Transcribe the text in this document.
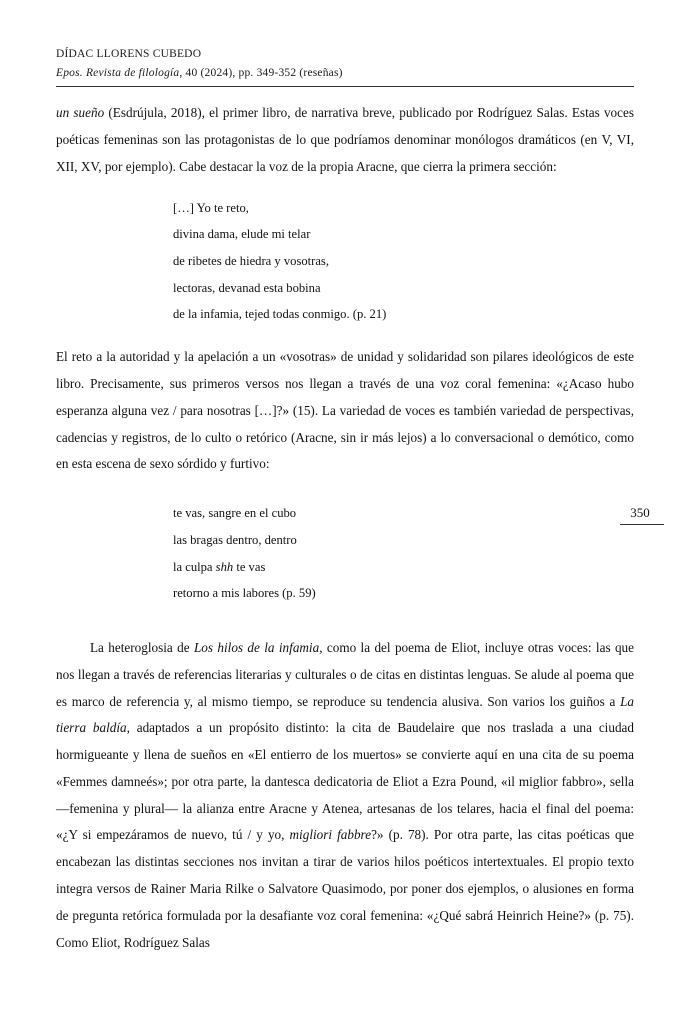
DÍDAC LLORENS CUBEDO
Epos. Revista de filología, 40 (2024), pp. 349-352 (reseñas)

un sueño (Esdrújula, 2018), el primer libro, de narrativa breve, publicado por Rodríguez Salas. Estas voces poéticas femeninas son las protagonistas de lo que podríamos denominar monólogos dramáticos (en V, VI, XII, XV, por ejemplo). Cabe destacar la voz de la propia Aracne, que cierra la primera sección:

[…] Yo te reto,
divina dama, elude mi telar
de ribetes de hiedra y vosotras,
lectoras, devanad esta bobina
de la infamia, tejed todas conmigo. (p. 21)

El reto a la autoridad y la apelación a un «vosotras» de unidad y solidaridad son pilares ideológicos de este libro. Precisamente, sus primeros versos nos llegan a través de una voz coral femenina: «¿Acaso hubo esperanza alguna vez / para nosotras […]?» (15). La variedad de voces es también variedad de perspectivas, cadencias y registros, de lo culto o retórico (Aracne, sin ir más lejos) a lo conversacional o demótico, como en esta escena de sexo sórdido y furtivo:

te vas, sangre en el cubo
las bragas dentro, dentro
la culpa shh te vas
retorno a mis labores (p. 59)

La heteroglosia de Los hilos de la infamia, como la del poema de Eliot, incluye otras voces: las que nos llegan a través de referencias literarias y culturales o de citas en distintas lenguas. Se alude al poema que es marco de referencia y, al mismo tiempo, se reproduce su tendencia alusiva. Son varios los guiños a La tierra baldía, adaptados a un propósito distinto: la cita de Baudelaire que nos traslada a una ciudad hormigueante y llena de sueños en «El entierro de los muertos» se convierte aquí en una cita de su poema «Femmes damneés»; por otra parte, la dantesca dedicatoria de Eliot a Ezra Pound, «il miglior fabbro», sella —femenina y plural— la alianza entre Aracne y Atenea, artesanas de los telares, hacia el final del poema: «¿Y si empezáramos de nuevo, tú / y yo, migliori fabbre?» (p. 78). Por otra parte, las citas poéticas que encabezan las distintas secciones nos invitan a tirar de varios hilos poéticos intertextuales. El propio texto integra versos de Rainer Maria Rilke o Salvatore Quasimodo, por poner dos ejemplos, o alusiones en forma de pregunta retórica formulada por la desafiante voz coral femenina: «¿Qué sabrá Heinrich Heine?» (p. 75). Como Eliot, Rodríguez Salas

350
